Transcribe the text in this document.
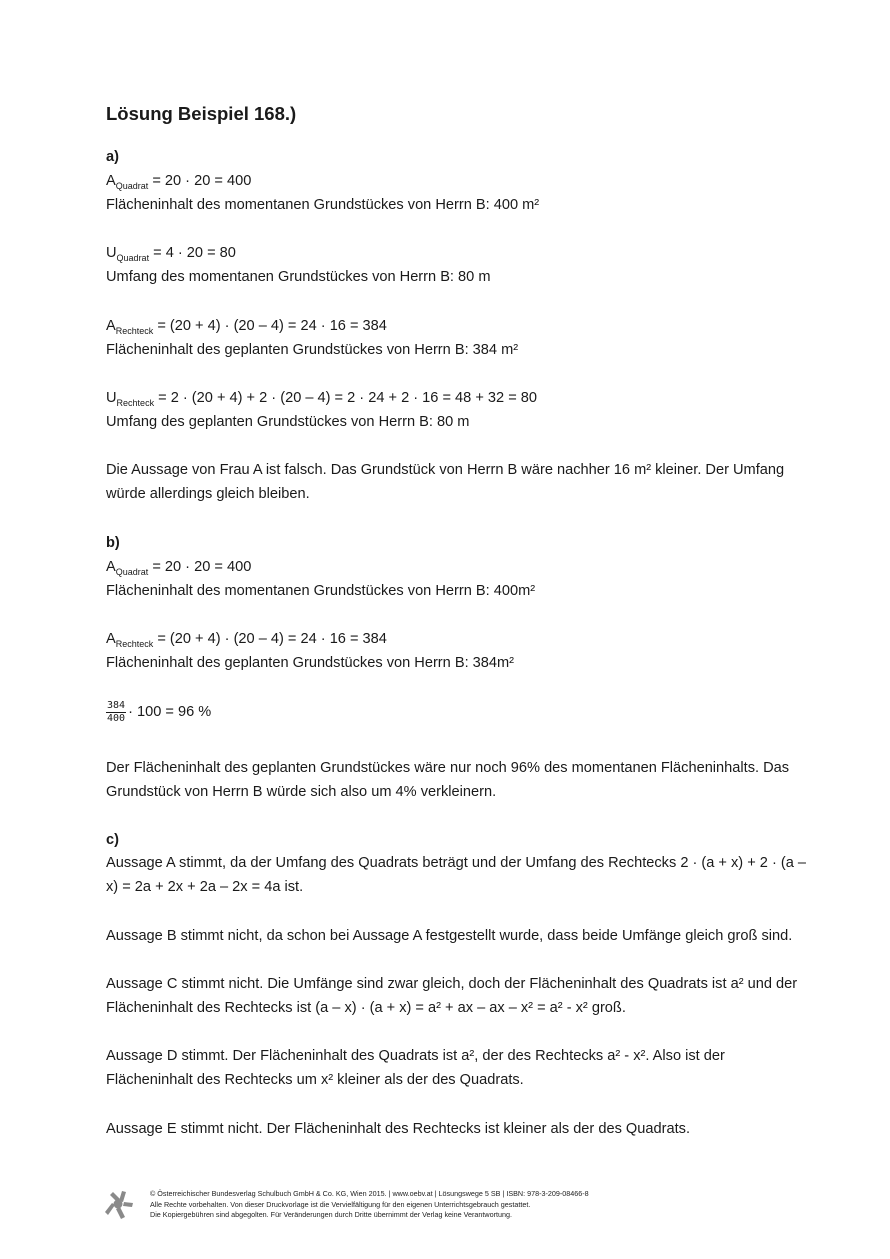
Lösung Beispiel 168.)
a)
$A_{Quadrat} = 20 \cdot 20 = 400$
Flächeninhalt des momentanen Grundstückes von Herrn B: 400 m²
$U_{Quadrat} = 4 \cdot 20 = 80$
Umfang des momentanen Grundstückes von Herrn B: 80 m
$A_{Rechteck} = (20 + 4) \cdot (20 - 4) = 24 \cdot 16 = 384$
Flächeninhalt des geplanten Grundstückes von Herrn B: 384 m²
$U_{Rechteck} = 2 \cdot (20 + 4) + 2 \cdot (20 - 4) = 2 \cdot 24 + 2 \cdot 16 = 48 + 32 = 80$
Umfang des geplanten Grundstückes von Herrn B: 80 m
Die Aussage von Frau A ist falsch. Das Grundstück von Herrn B wäre nachher 16 m² kleiner. Der Umfang
würde allerdings gleich bleiben.
b)
$A_{Quadrat} = 20 \cdot 20 = 400$
Flächeninhalt des momentanen Grundstückes von Herrn B: 400m²
$A_{Rechteck} = (20 + 4) \cdot (20 - 4) = 24 \cdot 16 = 384$
Flächeninhalt des geplanten Grundstückes von Herrn B: 384m²
$\frac{384}{400} \cdot 100 = 96$ %
Der Flächeninhalt des geplanten Grundstückes wäre nur noch 96% des momentanen Flächeninhalts. Das
Grundstück von Herrn B würde sich also um 4% verkleinern.
c)
Aussage A stimmt, da der Umfang des Quadrats beträgt und der Umfang des Rechtecks 2 · (a + x) + 2 · (a –
x) = 2a + 2x + 2a – 2x = 4a ist.
Aussage B stimmt nicht, da schon bei Aussage A festgestellt wurde, dass beide Umfänge gleich groß sind.
Aussage C stimmt nicht. Die Umfänge sind zwar gleich, doch der Flächeninhalt des Quadrats ist a² und der
Flächeninhalt des Rechtecks ist (a – x) · (a + x) = a² + ax – ax – x² = a² - x² groß.
Aussage D stimmt. Der Flächeninhalt des Quadrats ist a², der des Rechtecks a² - x². Also ist der
Flächeninhalt des Rechtecks um x² kleiner als der des Quadrats.
Aussage E stimmt nicht. Der Flächeninhalt des Rechtecks ist kleiner als der des Quadrats.
© Österreichischer Bundesverlag Schulbuch GmbH & Co. KG, Wien 2015. | www.oebv.at | Lösungswege 5 SB | ISBN: 978-3-209-08466-8
Alle Rechte vorbehalten. Von dieser Druckvorlage ist die Vervielfältigung für den eigenen Unterrichtsgebrauch gestattet.
Die Kopiergebühren sind abgegolten. Für Veränderungen durch Dritte übernimmt der Verlag keine Verantwortung.
